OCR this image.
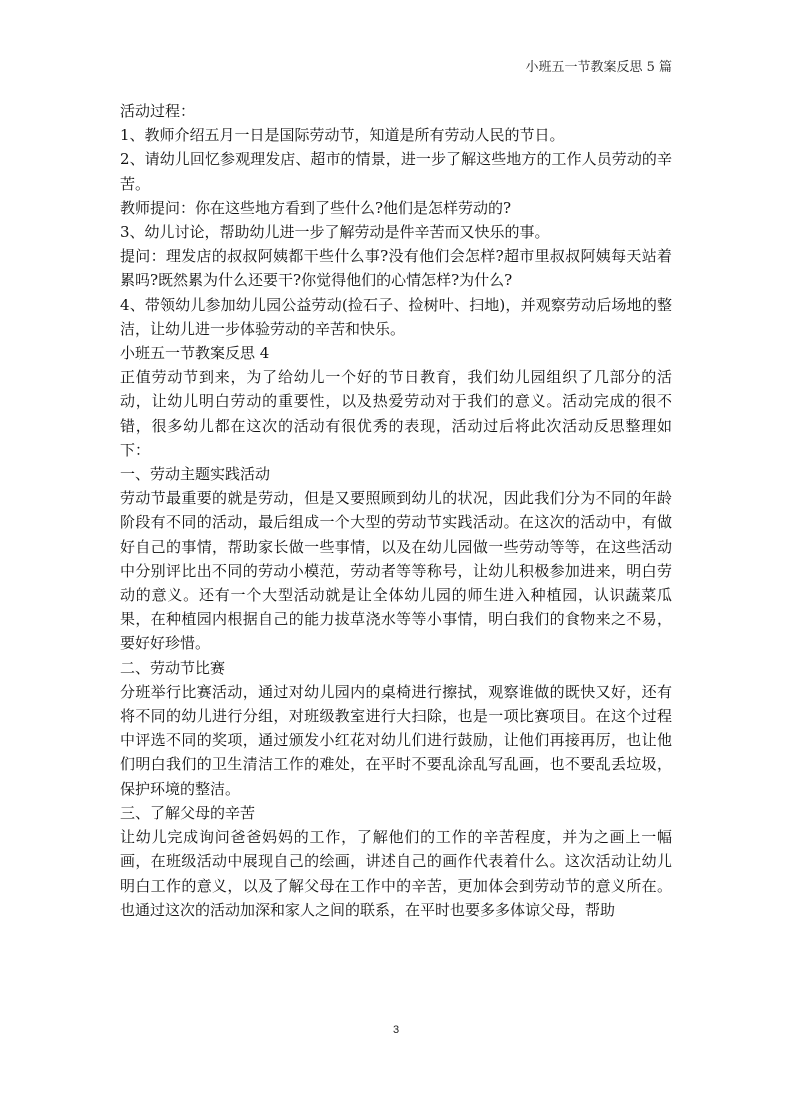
小班五一节教案反思 5 篇

活动过程：

1、教师介绍五月一日是国际劳动节，知道是所有劳动人民的节日。

2、请幼儿回忆参观理发店、超市的情景，进一步了解这些地方的工作人员劳动的辛苦。

教师提问：你在这些地方看到了些什么?他们是怎样劳动的?

3、幼儿讨论，帮助幼儿进一步了解劳动是件辛苦而又快乐的事。

提问：理发店的叔叔阿姨都干些什么事?没有他们会怎样?超市里叔叔阿姨每天站着累吗?既然累为什么还要干?你觉得他们的心情怎样?为什么?

4、带领幼儿参加幼儿园公益劳动(捡石子、捡树叶、扫地)，并观察劳动后场地的整洁，让幼儿进一步体验劳动的辛苦和快乐。

小班五一节教案反思 4

正值劳动节到来，为了给幼儿一个好的节日教育，我们幼儿园组织了几部分的活动，让幼儿明白劳动的重要性，以及热爱劳动对于我们的意义。活动完成的很不错，很多幼儿都在这次的活动有很优秀的表现，活动过后将此次活动反思整理如下：

一、劳动主题实践活动

劳动节最重要的就是劳动，但是又要照顾到幼儿的状况，因此我们分为不同的年龄阶段有不同的活动，最后组成一个大型的劳动节实践活动。在这次的活动中，有做好自己的事情，帮助家长做一些事情，以及在幼儿园做一些劳动等等，在这些活动中分别评比出不同的劳动小模范，劳动者等等称号，让幼儿积极参加进来，明白劳动的意义。还有一个大型活动就是让全体幼儿园的师生进入种植园，认识蔬菜瓜果，在种植园内根据自己的能力拔草浇水等等小事情，明白我们的食物来之不易，要好好珍惜。

二、劳动节比赛

分班举行比赛活动，通过对幼儿园内的桌椅进行擦拭，观察谁做的既快又好，还有将不同的幼儿进行分组，对班级教室进行大扫除，也是一项比赛项目。在这个过程中评选不同的奖项，通过颁发小红花对幼儿们进行鼓励，让他们再接再厉，也让他们明白我们的卫生清洁工作的难处，在平时不要乱涂乱写乱画，也不要乱丢垃圾，保护环境的整洁。

三、了解父母的辛苦

让幼儿完成询问爸爸妈妈的工作，了解他们的工作的辛苦程度，并为之画上一幅画，在班级活动中展现自己的绘画，讲述自己的画作代表着什么。这次活动让幼儿明白工作的意义，以及了解父母在工作中的辛苦，更加体会到劳动节的意义所在。也通过这次的活动加深和家人之间的联系，在平时也要多多体谅父母，帮助

3
